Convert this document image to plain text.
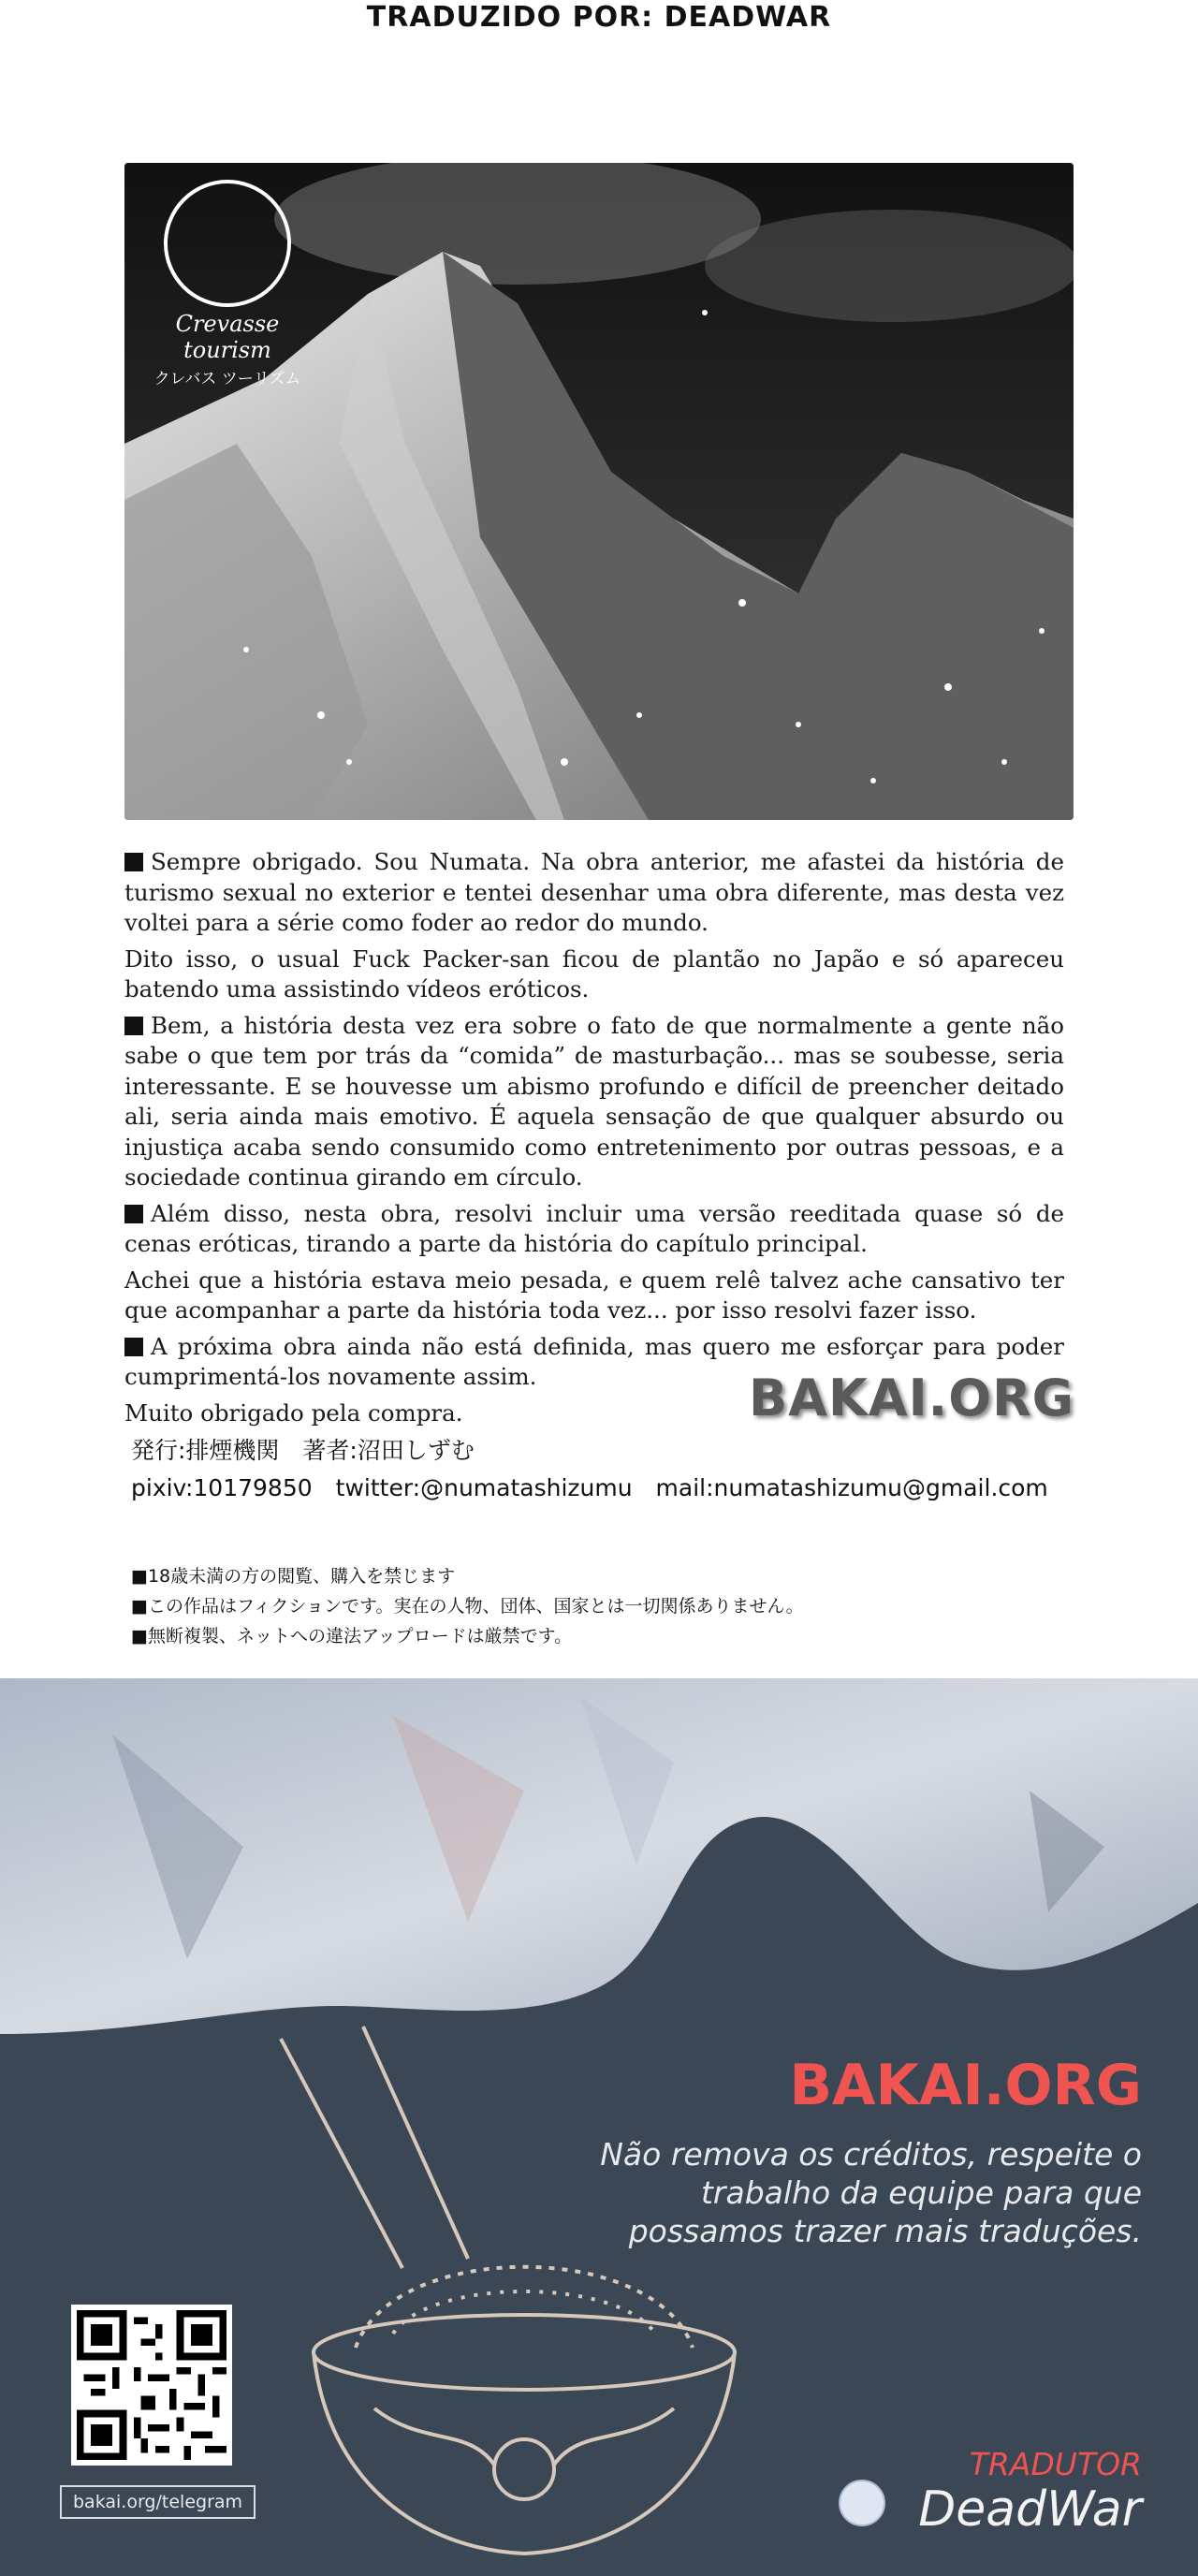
TRADUZIDO POR: DEADWAR
Crevasse tourism
クレバス ツーリズム

Sempre obrigado. Sou Numata. Na obra anterior, me afastei da história de turismo sexual no exterior e tentei desenhar uma obra diferente, mas desta vez voltei para a série como foder ao redor do mundo.

Dito isso, o usual Fuck Packer-san ficou de plantão no Japão e só apareceu batendo uma assistindo vídeos eróticos.

Bem, a história desta vez era sobre o fato de que normalmente a gente não sabe o que tem por trás da “comida” de masturbação... mas se soubesse, seria interessante. E se houvesse um abismo profundo e difícil de preencher deitado ali, seria ainda mais emotivo. É aquela sensação de que qualquer absurdo ou injustiça acaba sendo consumido como entretenimento por outras pessoas, e a sociedade continua girando em círculo.

Além disso, nesta obra, resolvi incluir uma versão reeditada quase só de cenas eróticas, tirando a parte da história do capítulo principal.

Achei que a história estava meio pesada, e quem relê talvez ache cansativo ter que acompanhar a parte da história toda vez... por isso resolvi fazer isso.

A próxima obra ainda não está definida, mas quero me esforçar para poder cumprimentá-los novamente assim.

Muito obrigado pela compra.	BAKAI.ORG
発行:排煙機関　著者:沼田しずむ
pixiv:10179850　twitter:@numatashizumu　mail:numatashizumu@gmail.com
■18歳未満の方の閲覧、購入を禁じます
■この作品はフィクションです。実在の人物、団体、国家とは一切関係ありません。
■無断複製、ネットへの違法アップロードは厳禁です。
BAKAI.ORG

Não remova os créditos, respeite o trabalho da equipe para que possamos trazer mais traduções.

bakai.org/telegram
TRADUTOR
DeadWar
